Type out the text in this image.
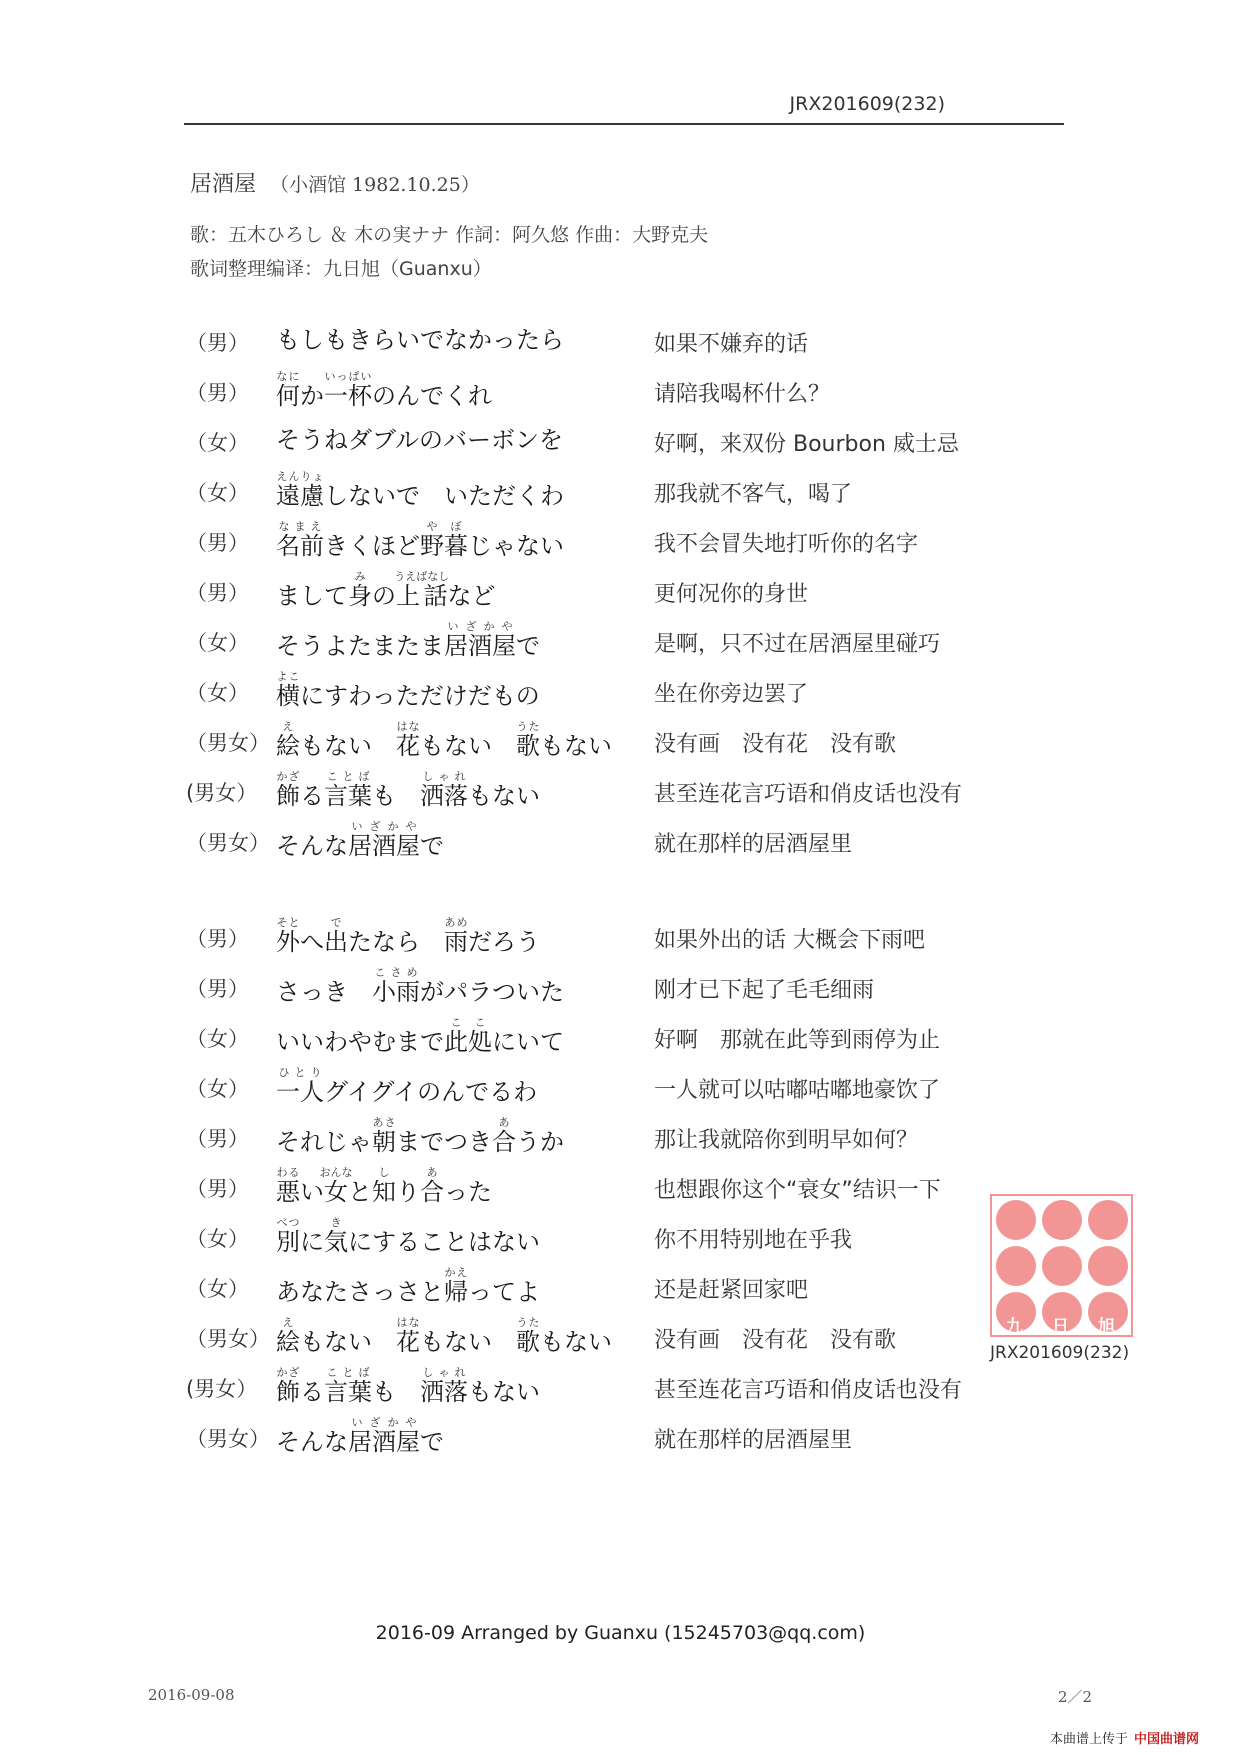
JRX201609(232)
居酒屋 （小酒馆 1982.10.25）
歌：五木ひろし ＆ 木の実ナナ 作詞：阿久悠 作曲：大野克夫
歌词整理编译：九日旭（Guanxu）
（男） もしもきらいでなかったら	如果不嫌弃的话
（男） 何なにか一杯いっぱいのんでくれ	请陪我喝杯什么？
（女） そうねダブルのバーボンを	好啊，来双份 Bourbon 威士忌
（女） 遠慮えんりょしないで　いただくわ	那我就不客气，喝了
（男） 名前なまえきくほど野暮やぼじゃない	我不会冒失地打听你的名字
（男） まして身みの上話うえばなしなど	更何况你的身世
（女） そうよたまたま居酒屋いざかやで	是啊，只不过在居酒屋里碰巧
（女） 横よこにすわっただけだもの	坐在你旁边罢了
（男女） 絵えもない　花はなもない　歌うたもない 没有画　没有花　没有歌
(男女） 飾かざる言葉ことばも　洒落しゃれもない	甚至连花言巧语和俏皮话也没有
（男女） そんな居酒屋いざかやで	就在那样的居酒屋里
（男） 外そとへ出でたなら　雨あめだろう	如果外出的话 大概会下雨吧
（男） さっき　小雨こさめがパラついた	刚才已下起了毛毛细雨
（女） いいわやむまで此処ここにいて	好啊　那就在此等到雨停为止
（女） 一人ひとりグイグイのんでるわ	一人就可以咕嘟咕嘟地豪饮了
（男） それじゃ朝あさまでつき合あうか	那让我就陪你到明早如何？
（男） 悪わるい女おんなと知しり合あった	也想跟你这个“衰女”结识一下
（女） 別べつに気きにすることはない	你不用特别地在乎我
（女） あなたさっさと帰かえってよ	还是赶紧回家吧
（男女） 絵えもない　花はなもない　歌うたもない 没有画　没有花　没有歌
(男女） 飾かざる言葉ことばも　洒落しゃれもない	甚至连花言巧语和俏皮话也没有
（男女） そんな居酒屋いざかやで	就在那样的居酒屋里
九 日 旭
JRX201609(232)
2016-09 Arranged by Guanxu (15245703@qq.com)
2016-09-08	2／2
本曲谱上传于 中国曲谱网
